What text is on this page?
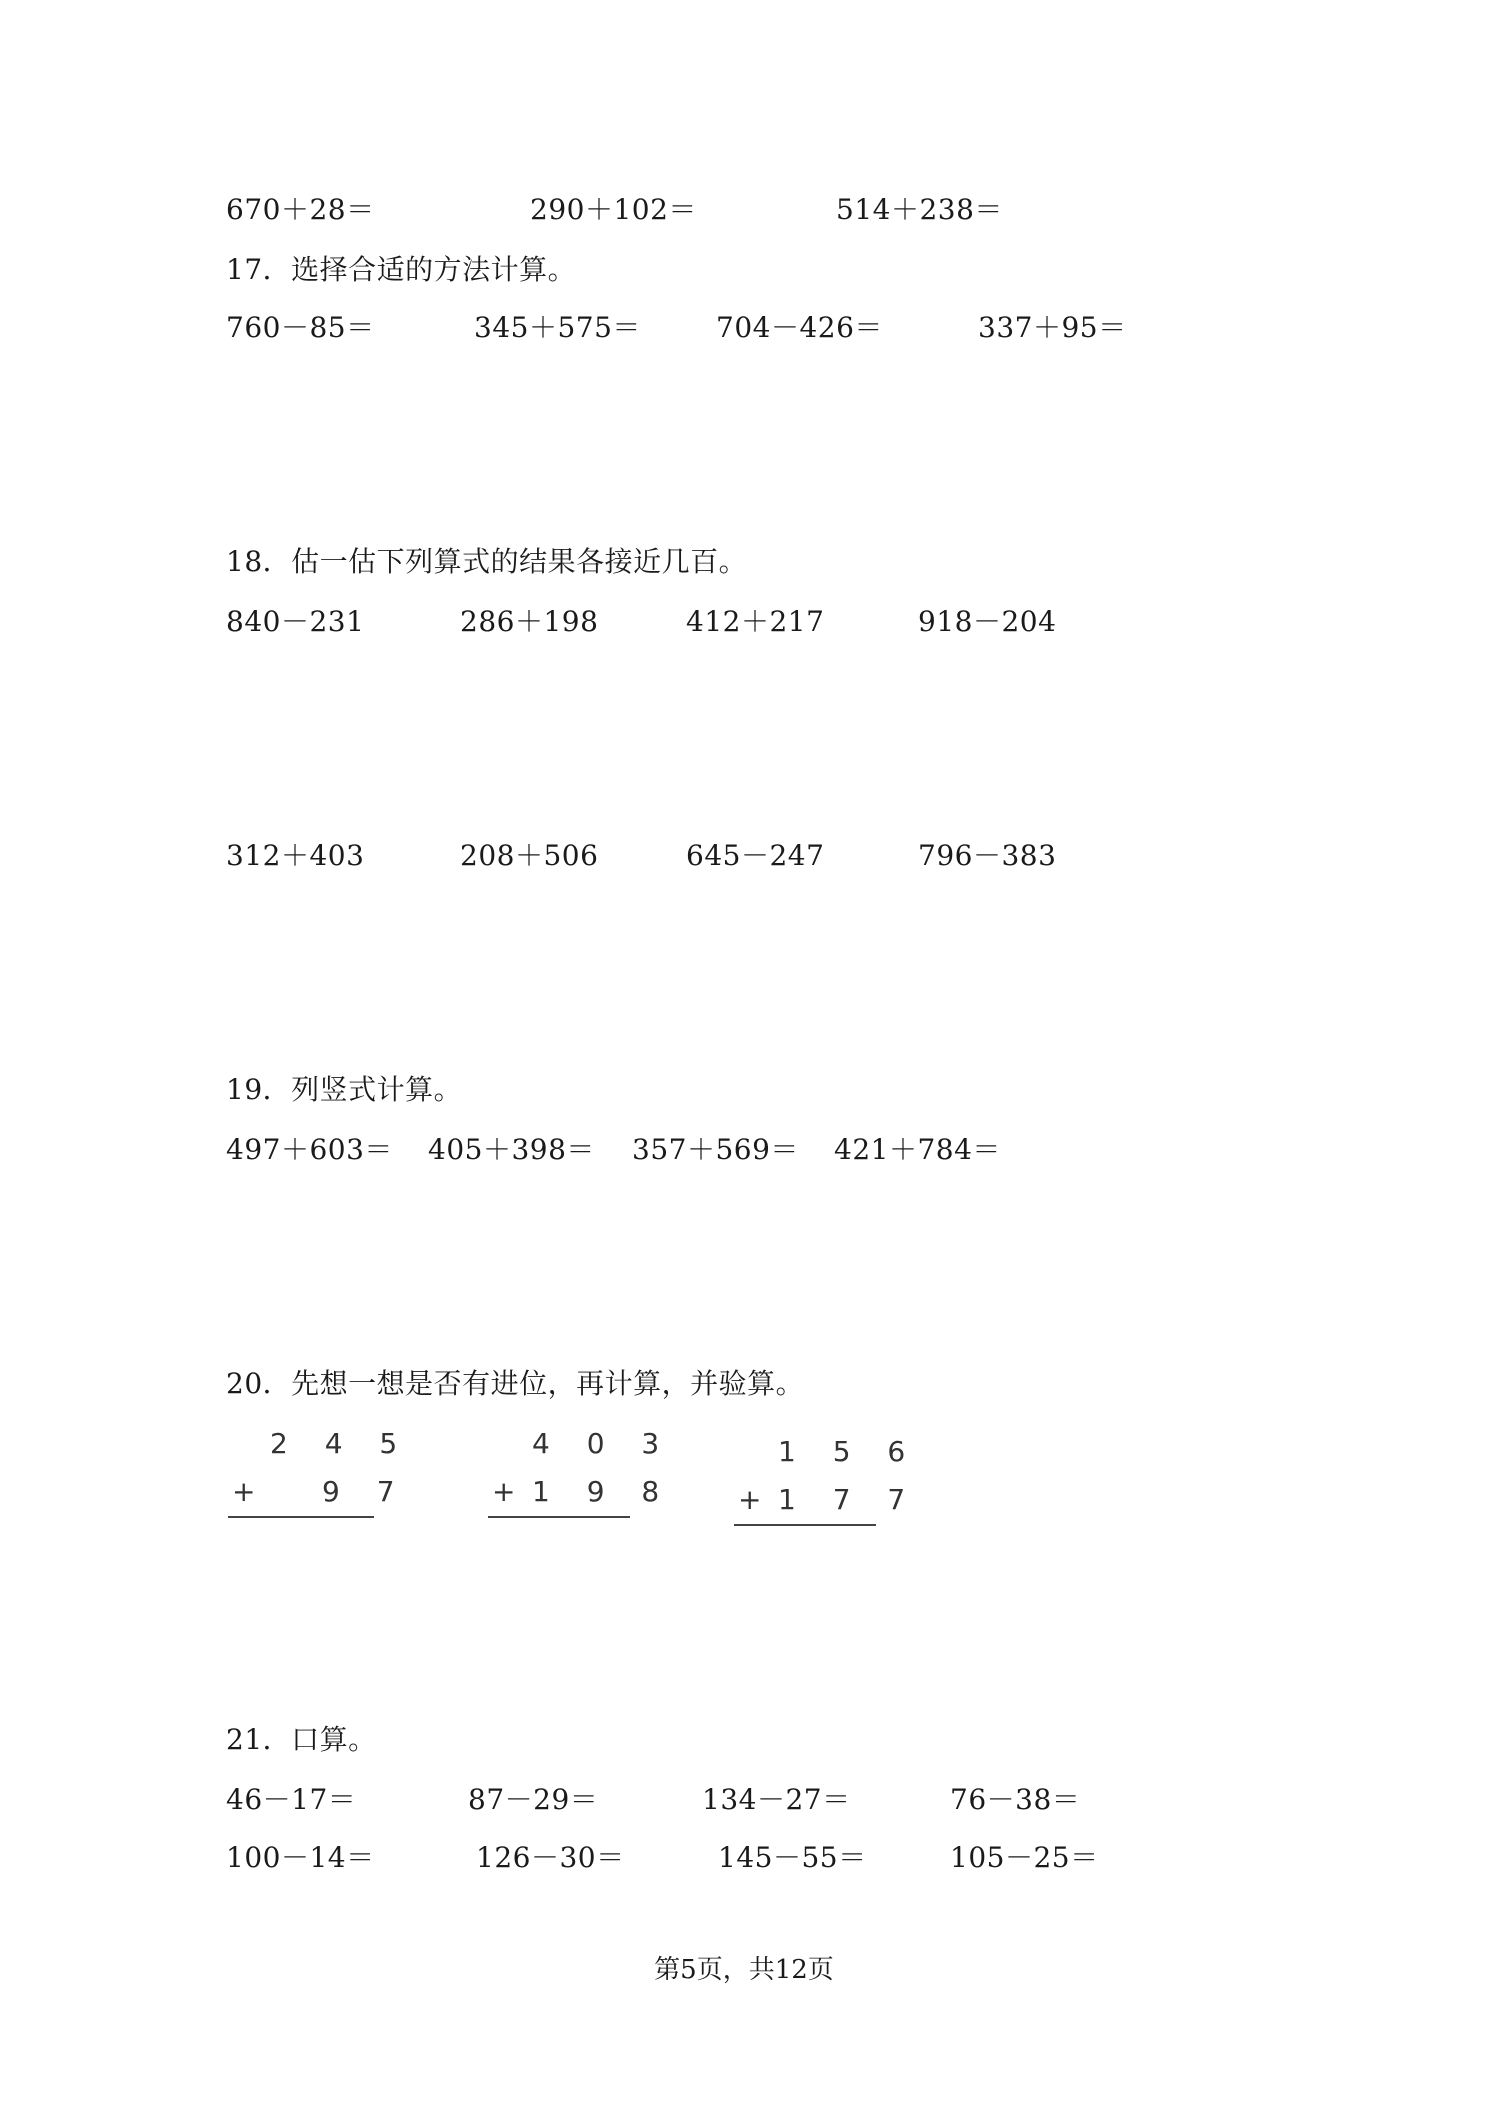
670＋28＝	290＋102＝	514＋238＝
17．选择合适的方法计算。
760－85＝	345＋575＝	704－426＝	337＋95＝
18．估一估下列算式的结果各接近几百。
840－231	286＋198	412＋217	918－204
312＋403	208＋506	645－247	796－383
19．列竖式计算。
497＋603＝ 405＋398＝ 357＋569＝ 421＋784＝
20．先想一想是否有进位，再计算，并验算。
2 4 5
+ 9 7
4 0 3
+ 1 9 8
1 5 6
+ 1 7 7
21．口算。
46－17＝	87－29＝	134－27＝	76－38＝
100－14＝	126－30＝	145－55＝	105－25＝
第5页，共12页
